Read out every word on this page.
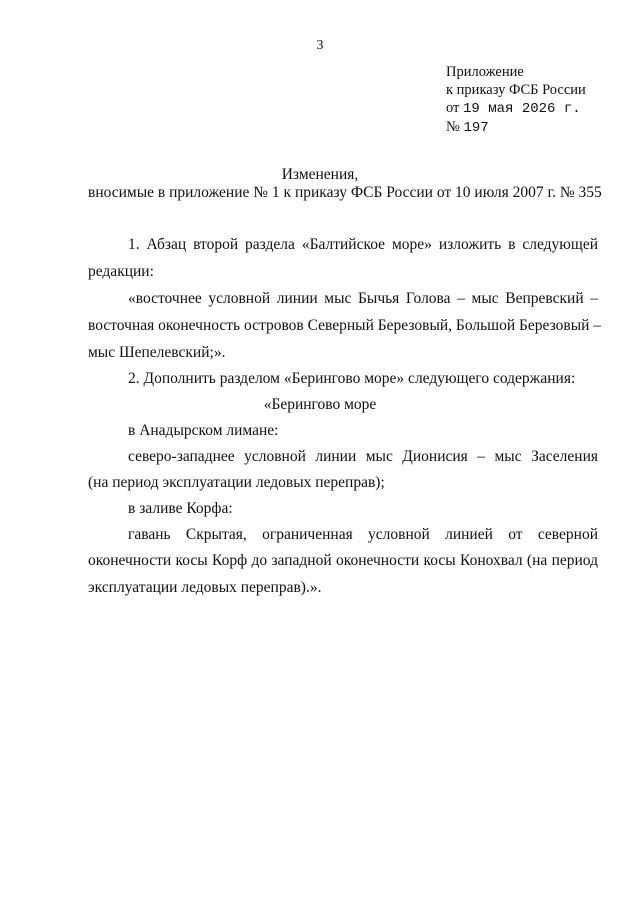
3
Приложение
к приказу ФСБ России
от 19 мая 2026 г.
№ 197
Изменения,
вносимые в приложение № 1 к приказу ФСБ России от 10 июля 2007 г. № 355
1. Абзац второй раздела «Балтийское море» изложить в следующей
редакции:
«восточнее условной линии мыс Бычья Голова – мыс Вепревский –
восточная оконечность островов Северный Березовый, Большой Березовый –
мыс Шепелевский;».
2. Дополнить разделом «Берингово море» следующего содержания:
«Берингово море
в Анадырском лимане:
северо-западнее условной линии мыс Дионисия – мыс Заселения
(на период эксплуатации ледовых переправ);
в заливе Корфа:
гавань Скрытая, ограниченная условной линией от северной
оконечности косы Корф до западной оконечности косы Конохвал (на период
эксплуатации ледовых переправ).».
